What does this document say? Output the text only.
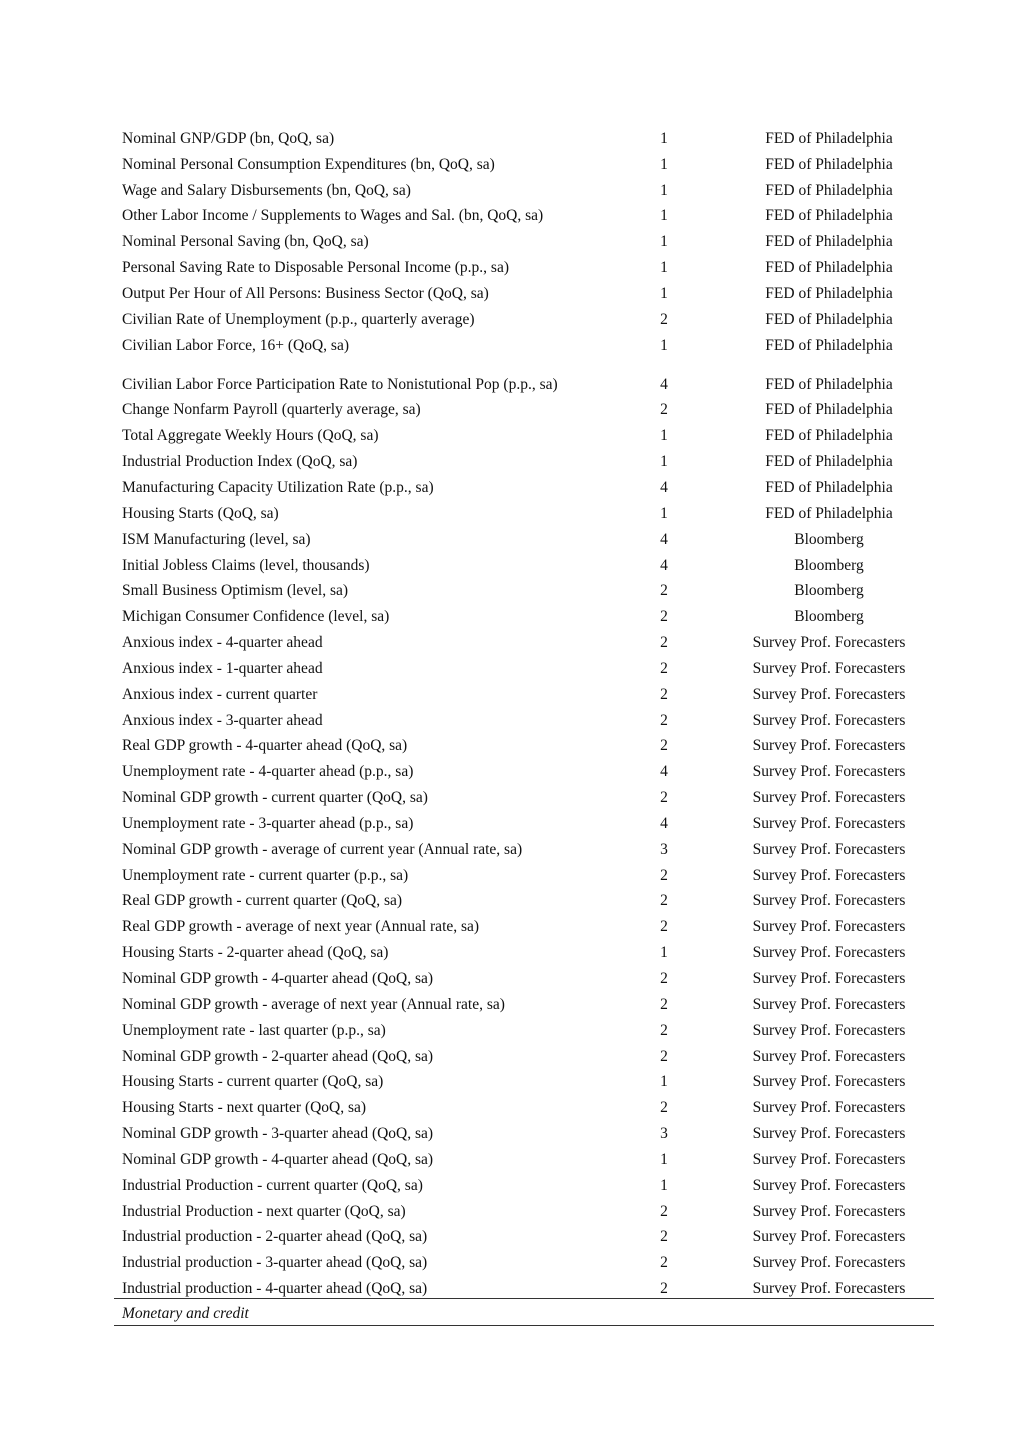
Nominal GNP/GDP (bn, QoQ, sa)	1	FED of Philadelphia
Nominal Personal Consumption Expenditures (bn, QoQ, sa)	1	FED of Philadelphia
Wage and Salary Disbursements (bn, QoQ, sa)	1	FED of Philadelphia
Other Labor Income / Supplements to Wages and Sal. (bn, QoQ, sa)	1	FED of Philadelphia
Nominal Personal Saving (bn, QoQ, sa)	1	FED of Philadelphia
Personal Saving Rate to Disposable Personal Income (p.p., sa)	1	FED of Philadelphia
Output Per Hour of All Persons: Business Sector (QoQ, sa)	1	FED of Philadelphia
Civilian Rate of Unemployment (p.p., quarterly average)	2	FED of Philadelphia
Civilian Labor Force, 16+ (QoQ, sa)	1	FED of Philadelphia
Civilian Labor Force Participation Rate to Nonistutional Pop (p.p., sa)	4	FED of Philadelphia
Change Nonfarm Payroll (quarterly average, sa)	2	FED of Philadelphia
Total Aggregate Weekly Hours (QoQ, sa)	1	FED of Philadelphia
Industrial Production Index (QoQ, sa)	1	FED of Philadelphia
Manufacturing Capacity Utilization Rate (p.p., sa)	4	FED of Philadelphia
Housing Starts (QoQ, sa)	1	FED of Philadelphia
ISM Manufacturing (level, sa)	4	Bloomberg
Initial Jobless Claims (level, thousands)	4	Bloomberg
Small Business Optimism (level, sa)	2	Bloomberg
Michigan Consumer Confidence (level, sa)	2	Bloomberg
Anxious index - 4-quarter ahead	2	Survey Prof. Forecasters
Anxious index - 1-quarter ahead	2	Survey Prof. Forecasters
Anxious index - current quarter	2	Survey Prof. Forecasters
Anxious index - 3-quarter ahead	2	Survey Prof. Forecasters
Real GDP growth - 4-quarter ahead (QoQ, sa)	2	Survey Prof. Forecasters
Unemployment rate - 4-quarter ahead (p.p., sa)	4	Survey Prof. Forecasters
Nominal GDP growth - current quarter (QoQ, sa)	2	Survey Prof. Forecasters
Unemployment rate - 3-quarter ahead (p.p., sa)	4	Survey Prof. Forecasters
Nominal GDP growth - average of current year (Annual rate, sa)	3	Survey Prof. Forecasters
Unemployment rate - current quarter (p.p., sa)	2	Survey Prof. Forecasters
Real GDP growth - current quarter (QoQ, sa)	2	Survey Prof. Forecasters
Real GDP growth - average of next year (Annual rate, sa)	2	Survey Prof. Forecasters
Housing Starts - 2-quarter ahead (QoQ, sa)	1	Survey Prof. Forecasters
Nominal GDP growth - 4-quarter ahead (QoQ, sa)	2	Survey Prof. Forecasters
Nominal GDP growth - average of next year (Annual rate, sa)	2	Survey Prof. Forecasters
Unemployment rate - last quarter (p.p., sa)	2	Survey Prof. Forecasters
Nominal GDP growth - 2-quarter ahead (QoQ, sa)	2	Survey Prof. Forecasters
Housing Starts - current quarter (QoQ, sa)	1	Survey Prof. Forecasters
Housing Starts - next quarter (QoQ, sa)	2	Survey Prof. Forecasters
Nominal GDP growth - 3-quarter ahead (QoQ, sa)	3	Survey Prof. Forecasters
Nominal GDP growth - 4-quarter ahead (QoQ, sa)	1	Survey Prof. Forecasters
Industrial Production - current quarter (QoQ, sa)	1	Survey Prof. Forecasters
Industrial Production - next quarter (QoQ, sa)	2	Survey Prof. Forecasters
Industrial production - 2-quarter ahead (QoQ, sa)	2	Survey Prof. Forecasters
Industrial production - 3-quarter ahead (QoQ, sa)	2	Survey Prof. Forecasters
Industrial production - 4-quarter ahead (QoQ, sa)	2	Survey Prof. Forecasters
Monetary and credit
